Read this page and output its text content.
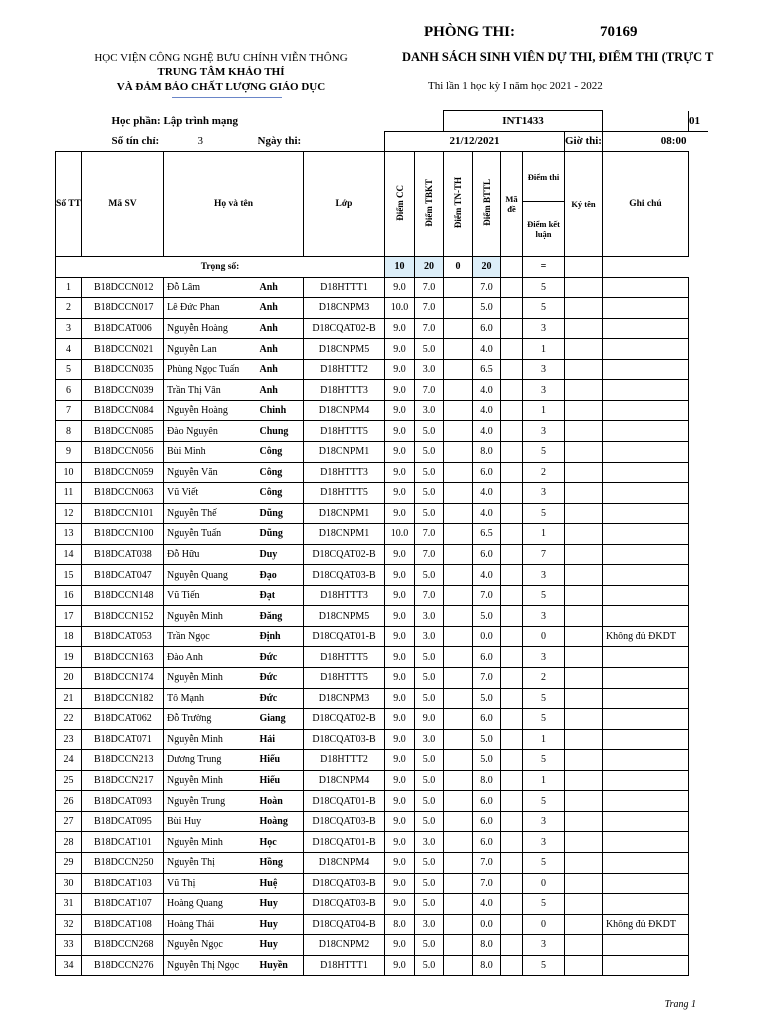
PHÒNG THI:	70169
HỌC VIỆN CÔNG NGHỆ BƯU CHÍNH VIỄN THÔNG
TRUNG TÂM KHẢO THÍ
VÀ ĐẢM BẢO CHẤT LƯỢNG GIÁO DỤC
DANH SÁCH SINH VIÊN DỰ THI, ĐIỂM THI (TRỰC T
Thi lần 1 học kỳ I năm học 2021 - 2022
	Học phần: Lập trình mạng						INT1433						01
	Số tín chỉ:	3	Ngày thi:		21/12/2021						Giờ thi:	08:00	
Số TT	Mã SV	Họ và tên		Lớp	Điểm CC	Điểm TBKT	Điểm TN-TH	Điểm BTTL	Mã đề	Điểm thi	Ký tên	Ghi chú	
										Điểm kết luận			
Trọng số:					10	20	0	20		=			
1	B18DCCN012	Đỗ Lâm	Anh	D18HTTT1	9.0	7.0		7.0		5			
2	B18DCCN017	Lê Đức Phan	Anh	D18CNPM3	10.0	7.0		5.0		5			
3	B18DCAT006	Nguyễn Hoàng	Anh	D18CQAT02-B	9.0	7.0		6.0		3			
4	B18DCCN021	Nguyễn Lan	Anh	D18CNPM5	9.0	5.0		4.0		1			
5	B18DCCN035	Phùng Ngọc Tuấn	Anh	D18HTTT2	9.0	3.0		6.5		3			
6	B18DCCN039	Trần Thị Vân	Anh	D18HTTT3	9.0	7.0		4.0		3			
7	B18DCCN084	Nguyễn Hoàng	Chinh	D18CNPM4	9.0	3.0		4.0		1			
8	B18DCCN085	Đào Nguyên	Chung	D18HTTT5	9.0	5.0		4.0		3			
9	B18DCCN056	Bùi Minh	Công	D18CNPM1	9.0	5.0		8.0		5			
10	B18DCCN059	Nguyễn Văn	Công	D18HTTT3	9.0	5.0		6.0		2			
11	B18DCCN063	Vũ Viết	Công	D18HTTT5	9.0	5.0		4.0		3			
12	B18DCCN101	Nguyễn Thế	Dũng	D18CNPM1	9.0	5.0		4.0		5			
13	B18DCCN100	Nguyễn Tuấn	Dũng	D18CNPM1	10.0	7.0		6.5		1			
14	B18DCAT038	Đỗ Hữu	Duy	D18CQAT02-B	9.0	7.0		6.0		7			
15	B18DCAT047	Nguyễn Quang	Đạo	D18CQAT03-B	9.0	5.0		4.0		3			
16	B18DCCN148	Vũ Tiến	Đạt	D18HTTT3	9.0	7.0		7.0		5			
17	B18DCCN152	Nguyễn Minh	Đăng	D18CNPM5	9.0	3.0		5.0		3			
18	B18DCAT053	Trần Ngọc	Định	D18CQAT01-B	9.0	3.0		0.0		0		Không đủ ĐKDT	
19	B18DCCN163	Đào Anh	Đức	D18HTTT5	9.0	5.0		6.0		3			
20	B18DCCN174	Nguyễn Minh	Đức	D18HTTT5	9.0	5.0		7.0		2			
21	B18DCCN182	Tô Mạnh	Đức	D18CNPM3	9.0	5.0		5.0		5			
22	B18DCAT062	Đỗ Trường	Giang	D18CQAT02-B	9.0	9.0		6.0		5			
23	B18DCAT071	Nguyễn Minh	Hải	D18CQAT03-B	9.0	3.0		5.0		1			
24	B18DCCN213	Dương Trung	Hiếu	D18HTTT2	9.0	5.0		5.0		5			
25	B18DCCN217	Nguyễn Minh	Hiếu	D18CNPM4	9.0	5.0		8.0		1			
26	B18DCAT093	Nguyễn Trung	Hoàn	D18CQAT01-B	9.0	5.0		6.0		5			
27	B18DCAT095	Bùi Huy	Hoàng	D18CQAT03-B	9.0	5.0		6.0		3			
28	B18DCAT101	Nguyễn Minh	Học	D18CQAT01-B	9.0	3.0		6.0		3			
29	B18DCCN250	Nguyễn Thị	Hồng	D18CNPM4	9.0	5.0		7.0		5			
30	B18DCAT103	Vũ Thị	Huệ	D18CQAT03-B	9.0	5.0		7.0		0			
31	B18DCAT107	Hoàng Quang	Huy	D18CQAT03-B	9.0	5.0		4.0		5			
32	B18DCAT108	Hoàng Thái	Huy	D18CQAT04-B	8.0	3.0		0.0		0		Không đủ ĐKDT	
33	B18DCCN268	Nguyễn Ngọc	Huy	D18CNPM2	9.0	5.0		8.0		3			
34	B18DCCN276	Nguyễn Thị Ngọc	Huyền	D18HTTT1	9.0	5.0		8.0		5			
Trang 1
